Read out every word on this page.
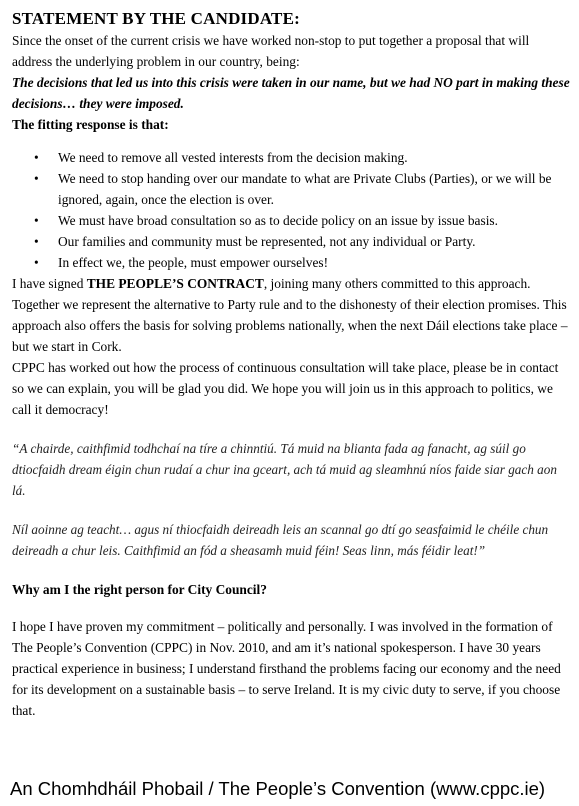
STATEMENT BY THE CANDIDATE:

Since the onset of the current crisis we have worked non-stop to put together a proposal that will address the underlying problem in our country, being:

The decisions that led us into this crisis were taken in our name, but we had NO part in making these decisions… they were imposed.

The fitting response is that:

• We need to remove all vested interests from the decision making.
• We need to stop handing over our mandate to what are Private Clubs (Parties), or we will be ignored, again, once the election is over.
• We must have broad consultation so as to decide policy on an issue by issue basis.
• Our families and community must be represented, not any individual or Party.
• In effect we, the people, must empower ourselves!

I have signed THE PEOPLE’S CONTRACT, joining many others committed to this approach. Together we represent the alternative to Party rule and to the dishonesty of their election promises. This approach also offers the basis for solving problems nationally, when the next Dáil elections take place – but we start in Cork.

CPPC has worked out how the process of continuous consultation will take place, please be in contact so we can explain, you will be glad you did. We hope you will join us in this approach to politics, we call it democracy!

“A chairde, caithfimid todhchaí na tíre a chinntiú. Tá muid na blianta fada ag fanacht, ag súil go dtiocfaidh dream éigin chun rudaí a chur ina gceart, ach tá muid ag sleamhnú níos faide siar gach aon lá.

Níl aoinne ag teacht… agus ní thiocfaidh deireadh leis an scannal go dtí go seasfaimid le chéile chun deireadh a chur leis. Caithfimid an fód a sheasamh muid féin! Seas linn, más féidir leat!”

Why am I the right person for City Council?

I hope I have proven my commitment – politically and personally. I was involved in the formation of The People’s Convention (CPPC) in Nov. 2010, and am it’s national spokesperson. I have 30 years practical experience in business; I understand firsthand the problems facing our economy and the need for its development on a sustainable basis – to serve Ireland. It is my civic duty to serve, if you choose that.

An Chomhdháil Phobail / The People’s Convention (www.cppc.ie)
